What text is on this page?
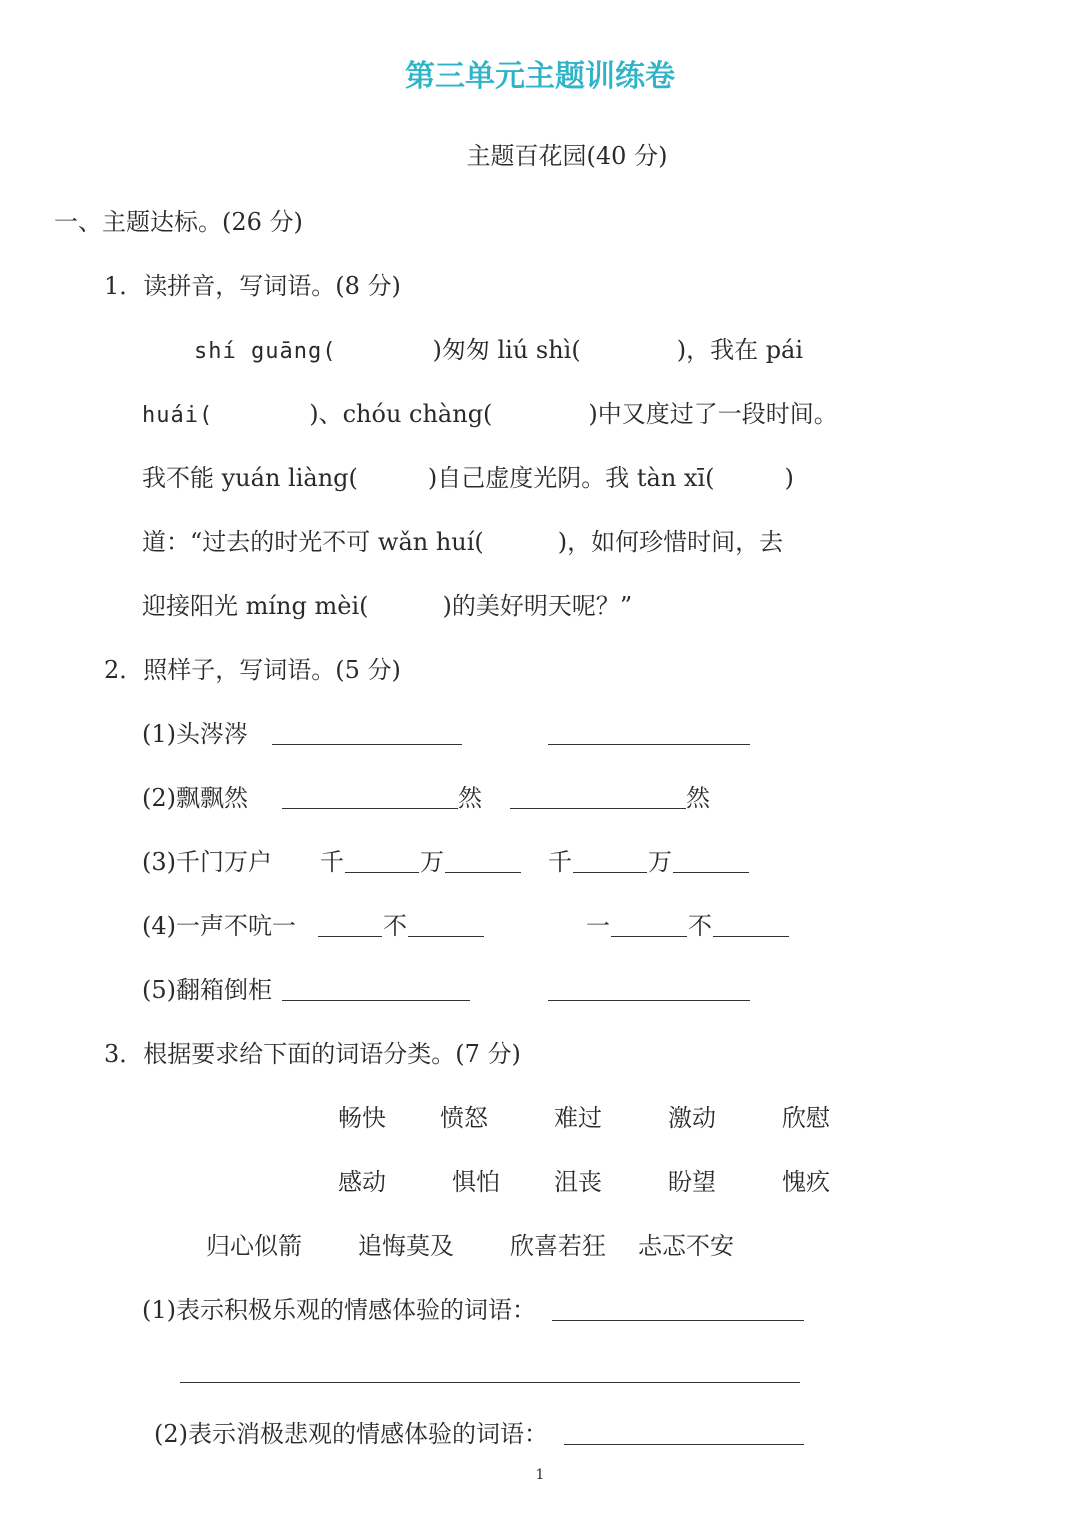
第三单元主题训练卷
主题百花园(40 分)
一、主题达标。(26 分)
1．读拼音，写词语。(8 分)
shí guāng(	)匆匆 liú shì(	)，我在 pái
huái(	)、chóu chàng(	)中又度过了一段时间。
我不能 yuán liàng(	)自己虚度光阴。我 tàn xī(	)
道：“过去的时光不可 wǎn huí(	)，如何珍惜时间，去
迎接阳光 míng mèi(	)的美好明天呢？”
2．照样子，写词语。(5 分)
(1)头涔涔
(2)飘飘然	然	然
(3)千门万户 千	万	千	万
(4)一声不吭一	不	一	不
(5)翻箱倒柜
3．根据要求给下面的词语分类。(7 分)
畅快 愤怒	难过	激动	欣慰
感动	惧怕 沮丧	盼望	愧疚
归心似箭 追悔莫及 欣喜若狂 忐忑不安
(1)表示积极乐观的情感体验的词语：
(2)表示消极悲观的情感体验的词语：
1
